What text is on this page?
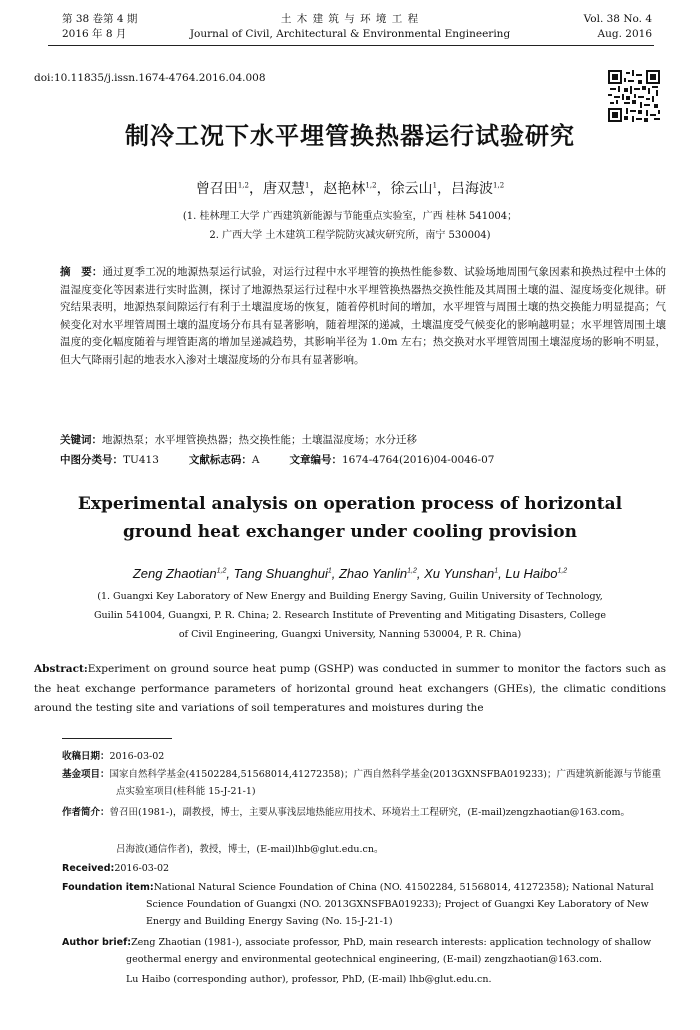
第 38 卷第 4 期
2016 年 8 月
土 木 建 筑 与 环 境 工 程
Journal of Civil, Architectural & Environmental Engineering
Vol. 38 No. 4
Aug. 2016
doi:10.11835/j.issn.1674-4764.2016.04.008
制冷工况下水平埋管换热器运行试验研究
曾召田$^{1,2}$，唐双慧$^1$，赵艳林$^{1,2}$，徐云山$^1$，吕海波$^{1,2}$
(1. 桂林理工大学 广西建筑新能源与节能重点实验室，广西 桂林 541004；
2. 广西大学 土木建筑工程学院防灾减灾研究所，南宁 530004)
摘　要：通过夏季工况的地源热泵运行试验，对运行过程中水平埋管的换热性能参数、试验场地周围气象因素和换热过程中土体的温湿度变化等因素进行实时监测，探讨了地源热泵运行过程中水平埋管换热器热交换性能及其周围土壤的温、湿度场变化规律。研究结果表明，地源热泵间隙运行有利于土壤温度场的恢复，随着停机时间的增加，水平埋管与周围土壤的热交换能力明显提高；气候变化对水平埋管周围土壤的温度场分布具有显著影响，随着埋深的递减，土壤温度受气候变化的影响越明显；水平埋管周围土壤温度的变化幅度随着与埋管距离的增加呈递减趋势，其影响半径为 1.0m 左右；热交换对水平埋管周围土壤湿度场的影响不明显，但大气降雨引起的地表水入渗对土壤湿度场的分布具有显著影响。
关键词：地源热泵；水平埋管换热器；热交换性能；土壤温湿度场；水分迁移
中图分类号：TU413	文献标志码：A	文章编号：1674-4764(2016)04-0046-07
Experimental analysis on operation process of horizontal
ground heat exchanger under cooling provision
Zeng Zhaotian$^{1,2}$, Tang Shuanghui$^1$, Zhao Yanlin$^{1,2}$, Xu Yunshan$^1$, Lu Haibo$^{1,2}$
(1. Guangxi Key Laboratory of New Energy and Building Energy Saving, Guilin University of Technology,
Guilin 541004, Guangxi, P. R. China; 2. Research Institute of Preventing and Mitigating Disasters, College
of Civil Engineering, Guangxi University, Nanning 530004, P. R. China)
Abstract:Experiment on ground source heat pump (GSHP) was conducted in summer to monitor the factors such as the heat exchange performance parameters of horizontal ground heat exchangers (GHEs), the climatic conditions around the testing site and variations of soil temperatures and moistures during the
收稿日期：2016-03-02
基金项目：国家自然科学基金(41502284,51568014,41272358)；广西自然科学基金(2013GXNSFBA019233)；广西建筑新能源与节能重点实验室项目(桂科能 15-J-21-1)
作者简介：曾召田(1981-)，副教授，博士，主要从事浅层地热能应用技术、环境岩土工程研究，(E-mail)zengzhaotian@163.com。
吕海波(通信作者)，教授，博士，(E-mail)lhb@glut.edu.cn。
Received:2016-03-02
Foundation item:National Natural Science Foundation of China (NO. 41502284, 51568014, 41272358); National Natural Science Foundation of Guangxi (NO. 2013GXNSFBA019233); Project of Guangxi Key Laboratory of New Energy and Building Energy Saving (No. 15-J-21-1)
Author brief:Zeng Zhaotian (1981-), associate professor, PhD, main research interests: application technology of shallow geothermal energy and environmental geotechnical engineering, (E-mail) zengzhaotian@163.com.
Lu Haibo (corresponding author), professor, PhD, (E-mail) lhb@glut.edu.cn.
